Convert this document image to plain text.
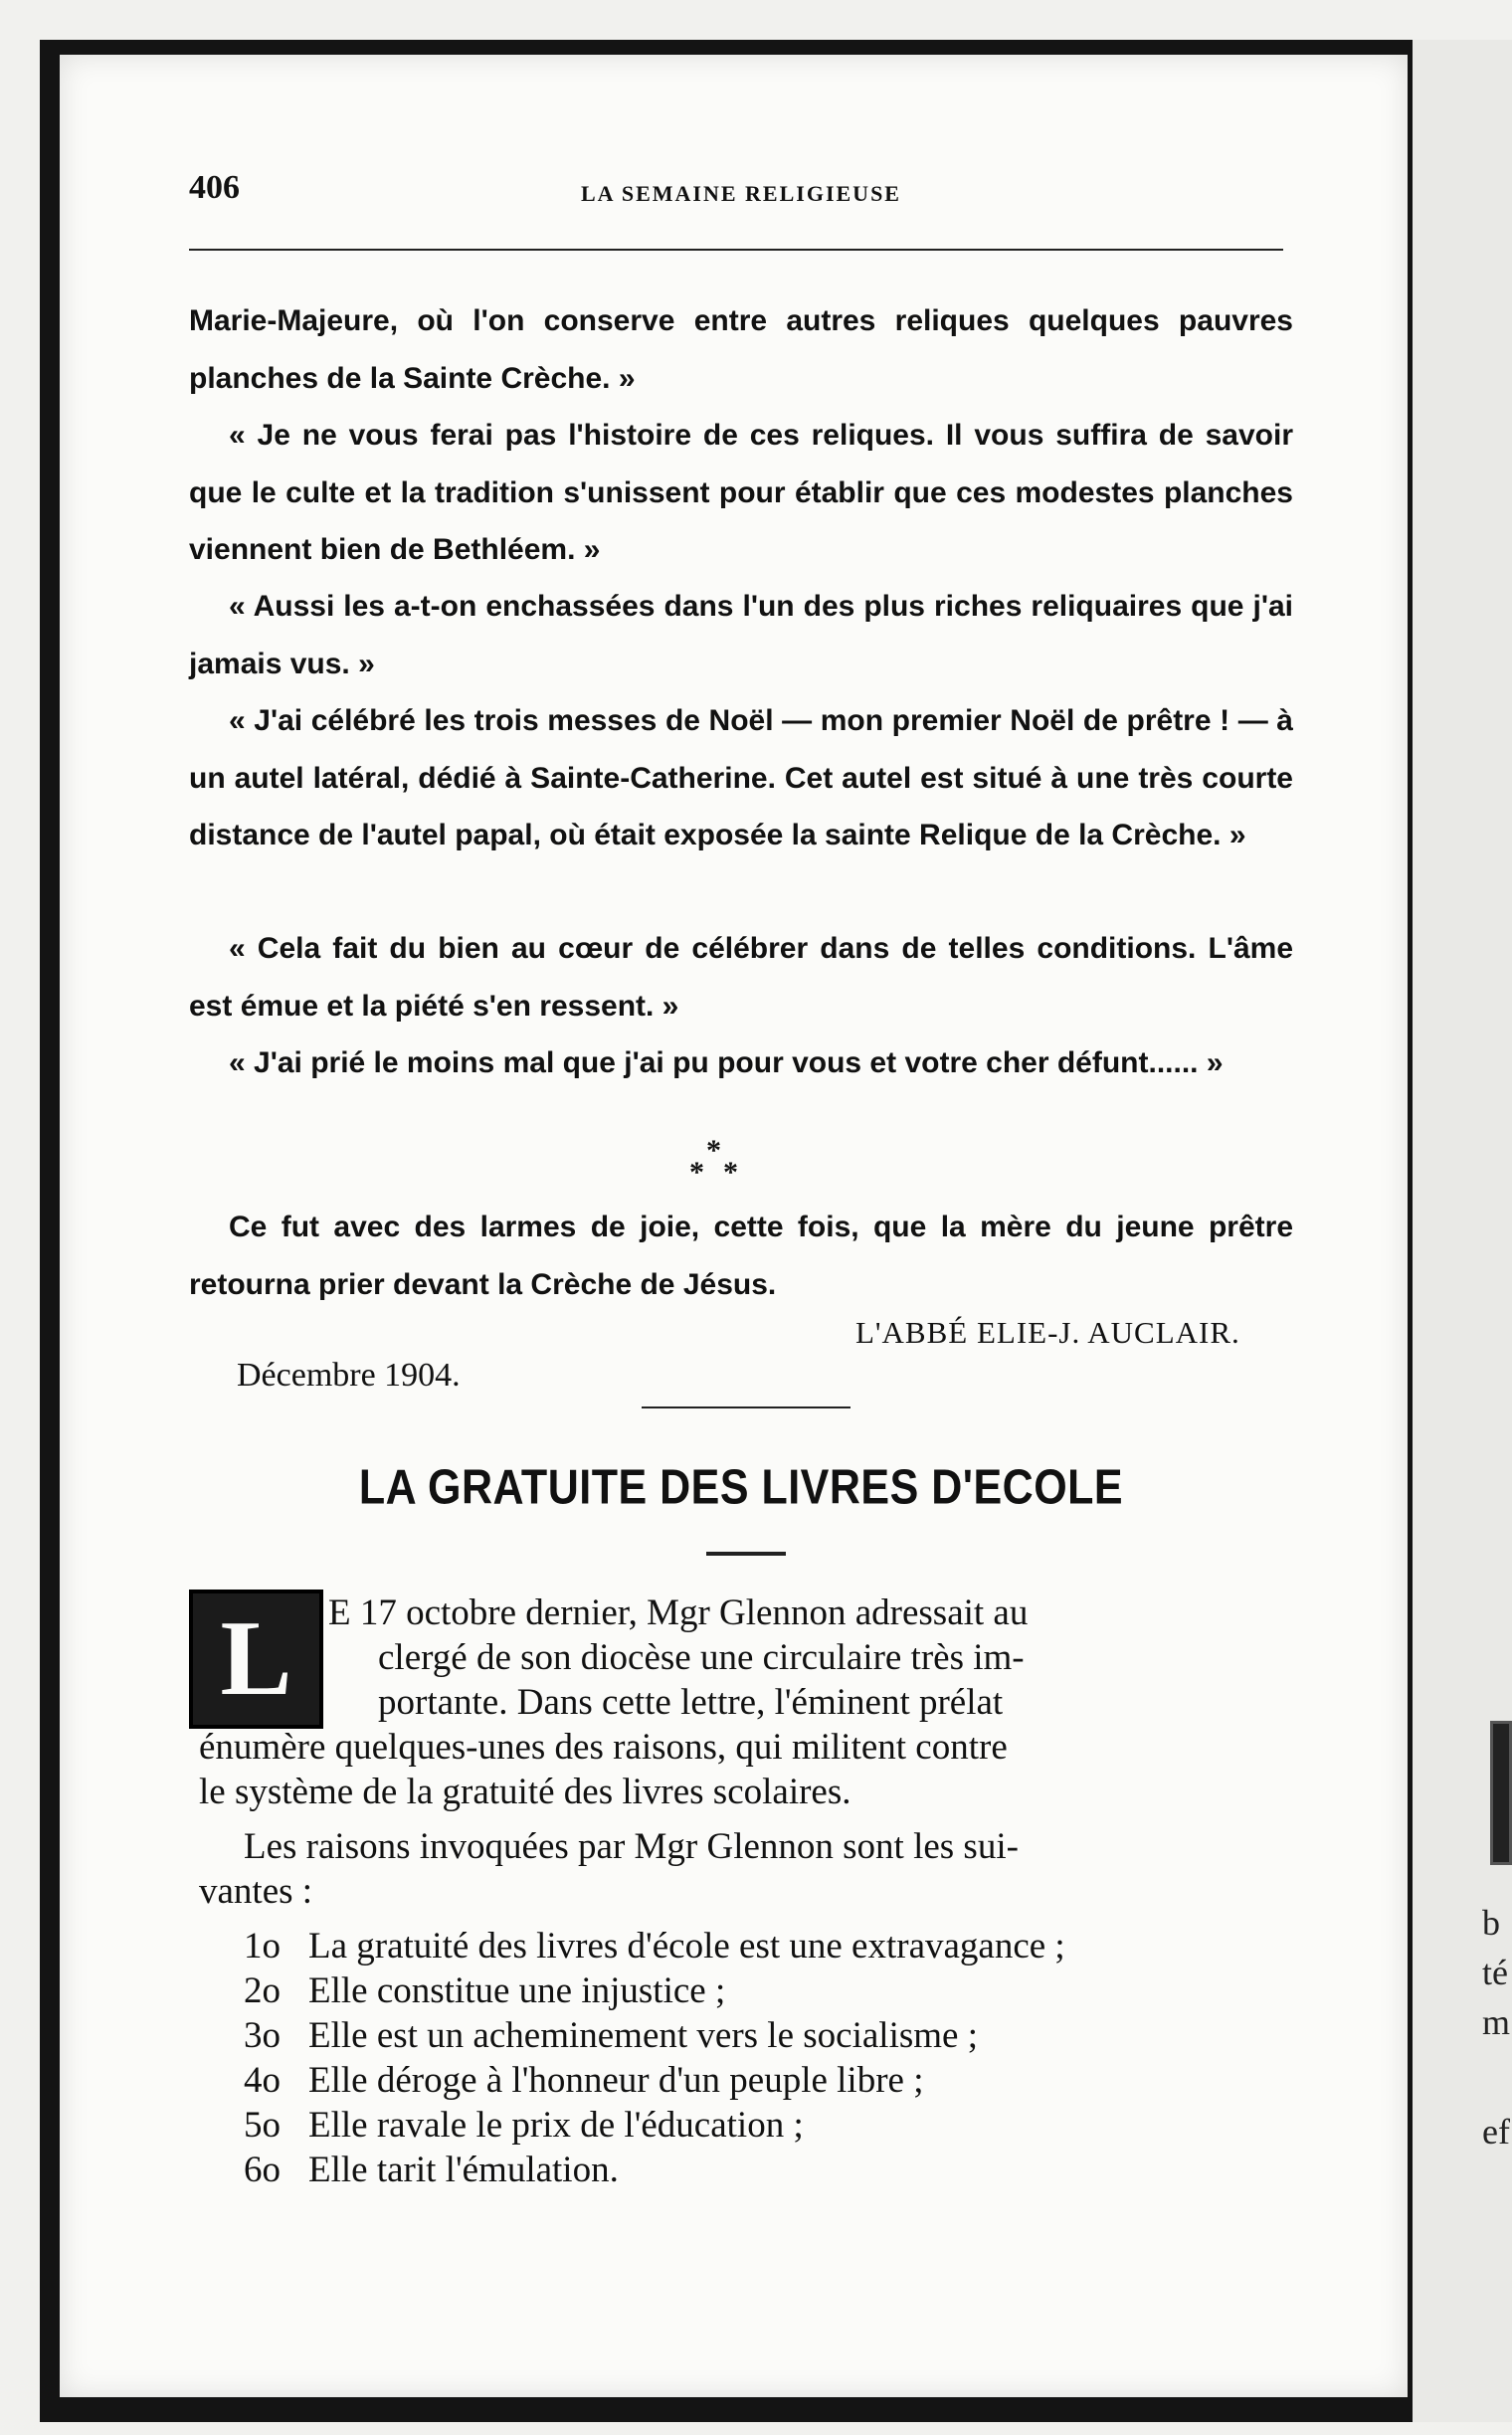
b
té
m
ef
406	LA SEMAINE RELIGIEUSE

Marie-Majeure, où l'on conserve entre autres reliques quelques pauvres planches de la Sainte Crèche. »

« Je ne vous ferai pas l'histoire de ces reliques. Il vous suffira de savoir que le culte et la tradition s'unissent pour établir que ces modestes planches viennent bien de Bethléem. »

« Aussi les a-t-on enchassées dans l'un des plus riches reliquaires que j'ai jamais vus. »

« J'ai célébré les trois messes de Noël — mon premier Noël de prêtre ! — à un autel latéral, dédié à Sainte-Catherine. Cet autel est situé à une très courte distance de l'autel papal, où était exposée la sainte Relique de la Crèche. »

« Cela fait du bien au cœur de célébrer dans de telles conditions. L'âme est émue et la piété s'en ressent. »

« J'ai prié le moins mal que j'ai pu pour vous et votre cher défunt...... »

*
* *

Ce fut avec des larmes de joie, cette fois, que la mère du jeune prêtre retourna prier devant la Crèche de Jésus.

L'ABBÉ ELIE-J. AUCLAIR.

Décembre 1904.

LA GRATUITE DES LIVRES D'ECOLE
L E 17 octobre dernier, Mgr Glennon adressait au
clergé de son diocèse une circulaire très im-
portante. Dans cette lettre, l'éminent prélat
énumère quelques-unes des raisons, qui militent contre
le système de la gratuité des livres scolaires.
Les raisons invoquées par Mgr Glennon sont les sui-
vantes :
1o La gratuité des livres d'école est une extravagance ;
2o Elle constitue une injustice ;
3o Elle est un acheminement vers le socialisme ;
4o Elle déroge à l'honneur d'un peuple libre ;
5o Elle ravale le prix de l'éducation ;
6o Elle tarit l'émulation.
